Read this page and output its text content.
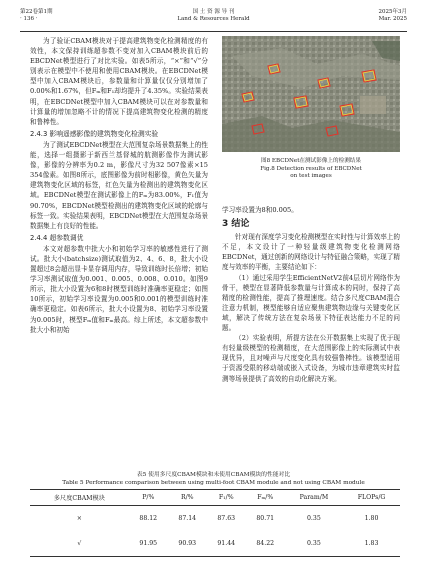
第22卷第1期
· 136 ·
国 土 资 源 导 刊
Land & Resources Herald
2025年3月
Mar. 2025

为了验证CBAM模块对于提高建筑物变化检测精度的有效性，本文保持训练超参数不变对加入CBAM模块前后的EBCDNet模型进行了对比实验。如表5所示，“×”和“√”分别表示在模型中不使用和使用CBAM模块。在EBCDNet模型中加入CBAM模块后，参数量和计算量仅仅分别增加了0.00%和1.67%，但Fₘ和F₁却均提升了4.35%。实验结果表明，在EBCDNet模型中加入CBAM模块可以在对参数量和计算量的增加忽略不计的情况下提高建筑物变化检测的精度和鲁棒性。

2.4.3 影响遥感影像的建筑物变化检测实验

为了测试EBCDNet模型在大范围复杂场景数据集上的性能，选择一组摄影于新西兰基督城的航测影像作为测试影像，影像的分辨率为0.2 m，影像尺寸为32 507像素×15 354像素。如图8所示，底图影像为前时相影像，黄色矢量为建筑物变化区域的标签，红色矢量为检测出的建筑物变化区域。EBCDNet模型在测试影像上的Fₘ为83.00%，F₁值为90.70%，EBCDNet模型检测出的建筑物变化区域的轮廓与标签一致。实验结果表明，EBCDNet模型在大范围复杂场景数据集上有良好的性能。

2.4.4 超参数调优

本文对超参数中批大小和初始学习率的敏感性进行了测试。批大小(batchsize)测试取值为2、4、6、8，批大小设置超过8会超出显卡显存调用内存，导致训练时长倍增；初始学习率测试取值为0.001、0.005、0.008、0.010。如图9所示，批大小设置为6和8时模型训练时准确率更稳定；如图10所示，初始学习率设置为0.005和0.001的模型训练时准确率更稳定。如表6所示，批大小设置为8、初始学习率设置为0.005时，模型Fₘ值和Fₘ最高。综上所述，本文超参数中批大小和初始

图8 EBCDNet在测试影像上的检测结果
Fig.8 Detection results of EBCDNet
on test images

学习率设置为8和0.005。

3 结论

针对现有深度学习变化检测模型在实时性与计算效率上的不足，本文设计了一种轻量级建筑物变化检测网络EBCDNet，通过创新的网络设计与特征融合策略，实现了精度与效率的平衡，主要结论如下：

（1）通过采用学生EfficientNetV2前4层切片网络作为骨干，模型在显著降低参数量与计算成本的同时，保持了高精度的检测性能，提高了推理速度。结合多尺度CBAM混合注意力机制，模型能够自适应聚焦建筑物边缘与关键变化区域，解决了传统方法在复杂场景下特征表达能力不足的问题。

（2）实验表明，所提方法在公开数据集上实现了优于现有轻量级模型的检测精度，在大范围影像上的实际测试中表现优异，且对噪声与尺度变化具有较强鲁棒性。该模型适用于资源受限的移动端或嵌入式设备，为城市违章建筑实时监测等场景提供了高效的自动化解决方案。

表5 使用多尺度CBAM模块和未使用CBAM模块的性能对比
Table 5 Performance comparison between using multi-foot CBAM module and not using CBAM module
多尺度CBAM模块	P/%	R/%	F₁/%	Fₘ/%	Param/M	FLOPs/G
×	88.12	87.14	87.63	80.71	0.35	1.80
√	91.95	90.93	91.44	84.22	0.35	1.83
